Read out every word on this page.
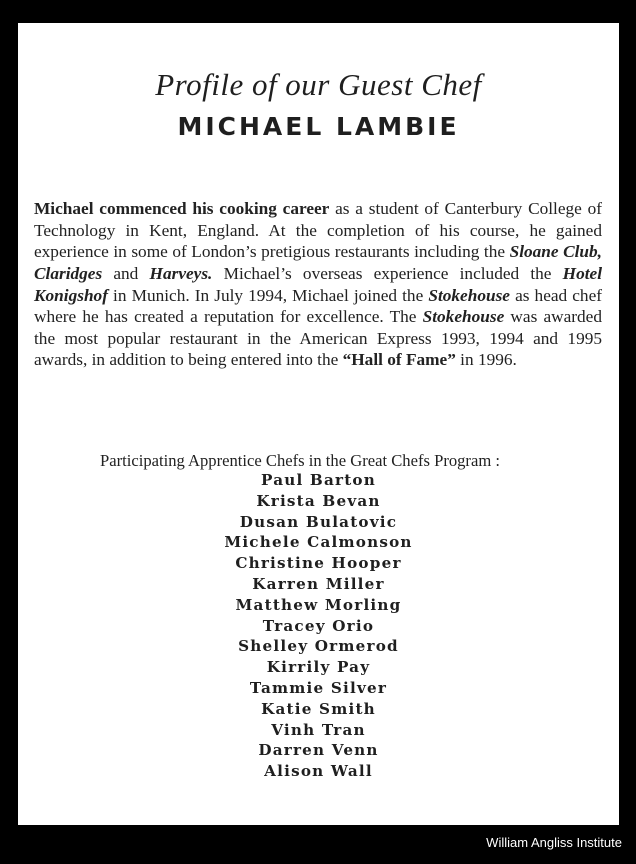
Profile of our Guest Chef
MICHAEL LAMBIE

Michael commenced his cooking career as a student of Canterbury College of Technology in Kent, England. At the completion of his course, he gained experience in some of London’s pretigious restaurants including the Sloane Club, Claridges and Harveys. Michael’s overseas experience included the Hotel Konigshof in Munich. In July 1994, Michael joined the Stokehouse as head chef where he has created a reputation for excellence. The Stokehouse was awarded the most popular restaurant in the American Express 1993, 1994 and 1995 awards, in addition to being entered into the “Hall of Fame” in 1996.

Participating Apprentice Chefs in the Great Chefs Program :
Paul Barton
Krista Bevan
Dusan Bulatovic
Michele Calmonson
Christine Hooper
Karren Miller
Matthew Morling
Tracey Orio
Shelley Ormerod
Kirrily Pay
Tammie Silver
Katie Smith
Vinh Tran
Darren Venn
Alison Wall
William Angliss Institute
